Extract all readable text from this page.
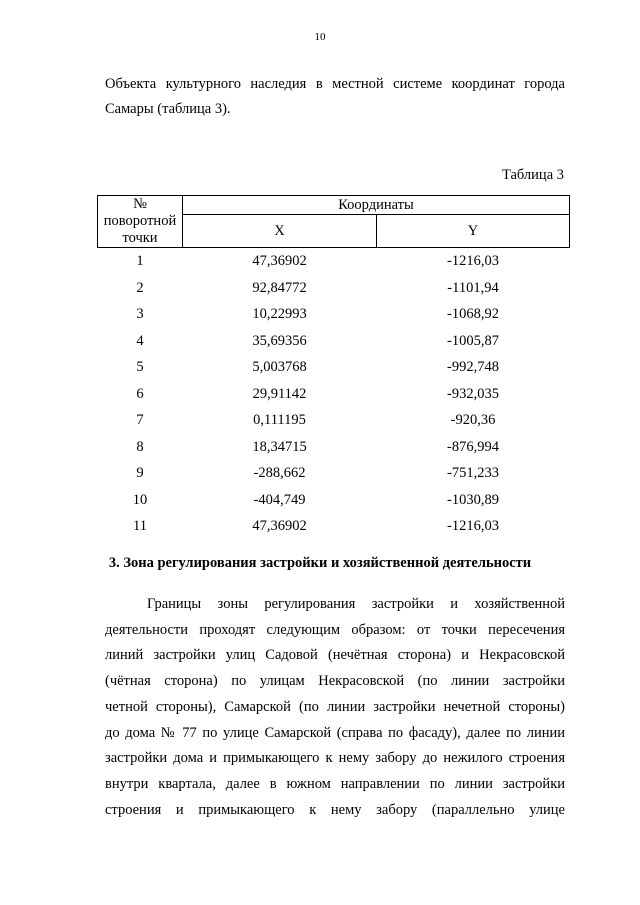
10
Объекта культурного наследия в местной системе координат города
Самары (таблица 3).
Таблица 3
№
поворотной
точки	Координаты	
	X	Y
1	47,36902	-1216,03
2	92,84772	-1101,94
3	10,22993	-1068,92
4	35,69356	-1005,87
5	5,003768	-992,748
6	29,91142	-932,035
7	0,111195	-920,36
8	18,34715	-876,994
9	-288,662	-751,233
10	-404,749	-1030,89
11	47,36902	-1216,03
3. Зона регулирования застройки и хозяйственной деятельности
Границы зоны регулирования застройки и хозяйственной
деятельности проходят следующим образом: от точки пересечения
линий застройки улиц Садовой (нечётная сторона) и Некрасовской
(чётная сторона) по улицам Некрасовской (по линии застройки
четной стороны), Самарской (по линии застройки нечетной стороны)
до дома № 77 по улице Самарской (справа по фасаду), далее по линии
застройки дома и примыкающего к нему забору до нежилого строения
внутри квартала, далее в южном направлении по линии застройки
строения и примыкающего к нему забору (параллельно улице
